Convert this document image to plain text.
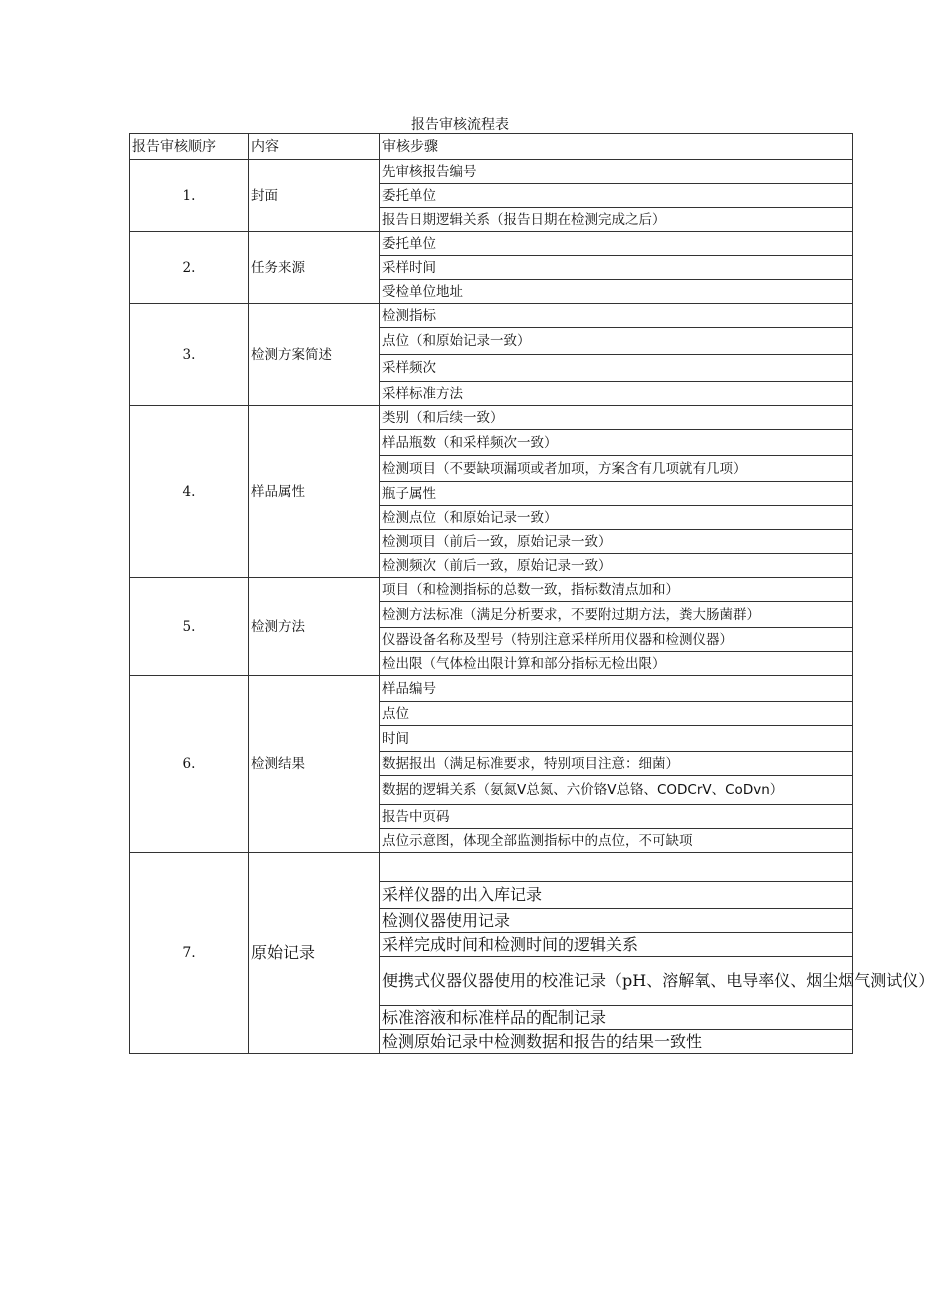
报告审核流程表
报告审核顺序	内容	审核步骤
1.	封面	先审核报告编号
		委托单位
		报告日期逻辑关系（报告日期在检测完成之后）
2.	任务来源	委托单位
		采样时间
		受检单位地址
3.	检测方案简述	检测指标
		点位（和原始记录一致）
		采样频次
		采样标准方法
4.	样品属性	类别（和后续一致）
		样品瓶数（和采样频次一致）
		检测项目（不要缺项漏项或者加项，方案含有几项就有几项）
		瓶子属性
		检测点位（和原始记录一致）
		检测项目（前后一致，原始记录一致）
		检测频次（前后一致，原始记录一致）
5.	检测方法	项目（和检测指标的总数一致，指标数清点加和）
		检测方法标准（满足分析要求，不要附过期方法，粪大肠菌群）
		仪器设备名称及型号（特别注意采样所用仪器和检测仪器）
		检出限（气体检出限计算和部分指标无检出限）
6.	检测结果	样品编号
		点位
		时间
		数据报出（满足标准要求，特别项目注意：细菌）
		数据的逻辑关系（氨氮V总氮、六价铬V总铬、CODCrV、CoDvn）
		报告中页码
		点位示意图，体现全部监测指标中的点位，不可缺项
7.	原始记录	
		采样仪器的出入库记录
		检测仪器使用记录
		采样完成时间和检测时间的逻辑关系
		便携式仪器仪器使用的校准记录（pH、溶解氧、电导率仪、烟尘烟气测试仪）
		标准溶液和标准样品的配制记录
		检测原始记录中检测数据和报告的结果一致性
